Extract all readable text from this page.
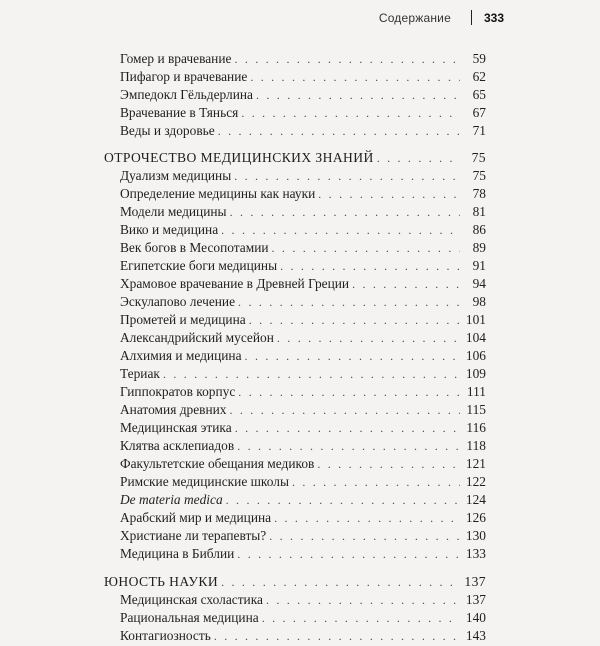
Содержание	333
Гомер и врачевание . . .	59
Пифагор и врачевание . . .	62
Эмпедокл Гёльдерлина . . .	65
Врачевание в Тянься . . .	67
Веды и здоровье . . .	71
ОТРОЧЕСТВО МЕДИЦИНСКИХ ЗНАНИЙ . . .	75
Дуализм медицины . . .	75
Определение медицины как науки . . .	78
Модели медицины . . .	81
Вико и медицина . . .	86
Век богов в Месопотамии . . .	89
Египетские боги медицины . . .	91
Храмовое врачевание в Древней Греции . . .	94
Эскулапово лечение . . .	98
Прометей и медицина . . .	101
Александрийский мусейон . . .	104
Алхимия и медицина . . .	106
Териак . . .	109
Гиппократов корпус . . .	111
Анатомия древних . . .	115
Медицинская этика . . .	116
Клятва асклепиадов . . .	118
Факультетские обещания медиков . . .	121
Римские медицинские школы . . .	122
De materia medica . . .	124
Арабский мир и медицина . . .	126
Христиане ли терапевты? . . .	130
Медицина в Библии . . .	133
ЮНОСТЬ НАУКИ . . .	137
Медицинская схоластика . . .	137
Рациональная медицина . . .	140
Контагиозность . . .	143
